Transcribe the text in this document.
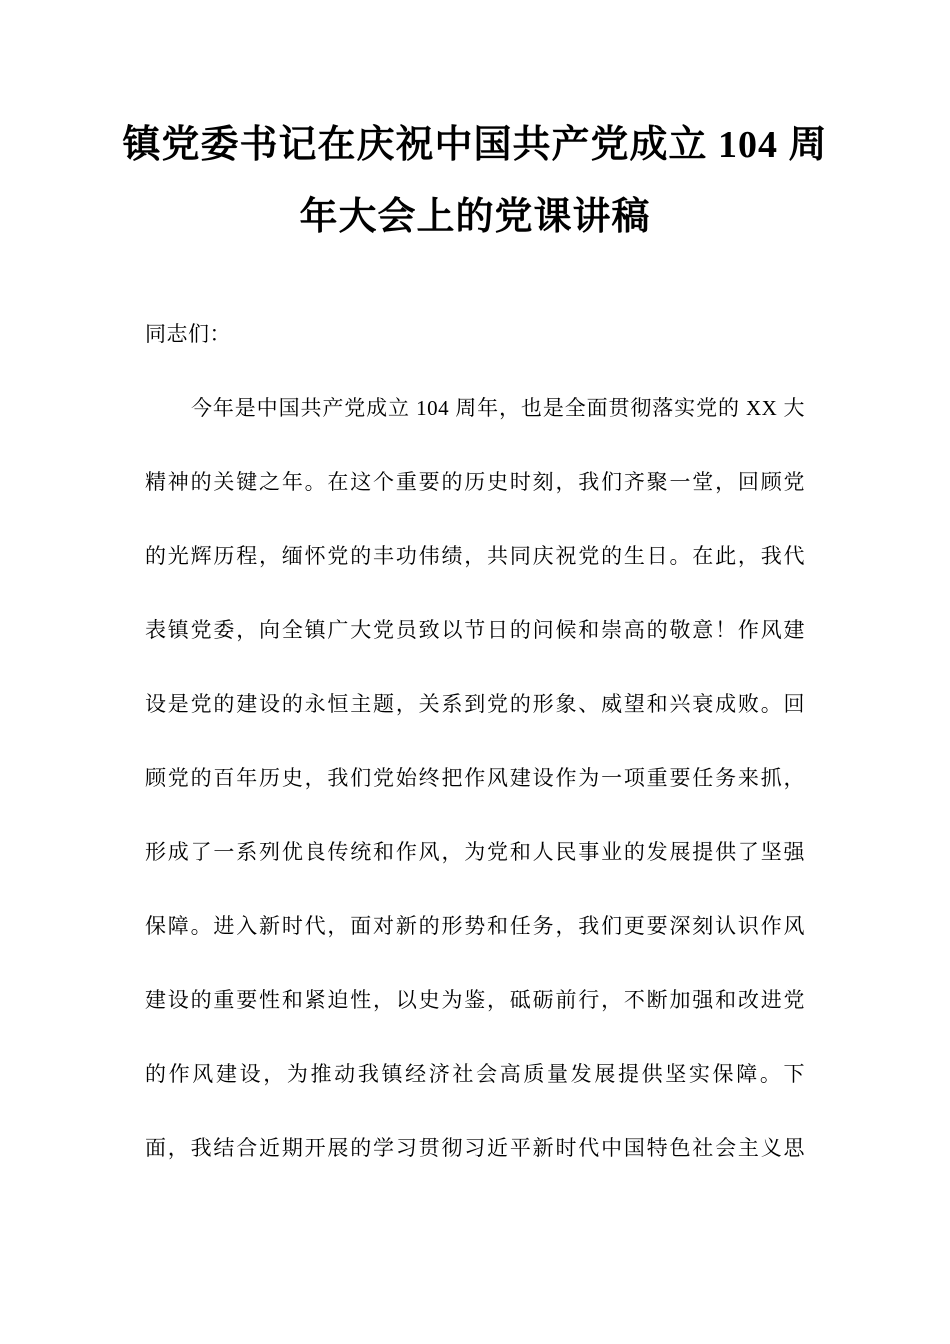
镇党委书记在庆祝中国共产党成立 104 周
年大会上的党课讲稿
同志们：
今年是中国共产党成立 104 周年，也是全面贯彻落实党的 XX 大
精神的关键之年。在这个重要的历史时刻，我们齐聚一堂，回顾党
的光辉历程，缅怀党的丰功伟绩，共同庆祝党的生日。在此，我代
表镇党委，向全镇广大党员致以节日的问候和崇高的敬意！作风建
设是党的建设的永恒主题，关系到党的形象、威望和兴衰成败。回
顾党的百年历史，我们党始终把作风建设作为一项重要任务来抓，
形成了一系列优良传统和作风，为党和人民事业的发展提供了坚强
保障。进入新时代，面对新的形势和任务，我们更要深刻认识作风
建设的重要性和紧迫性，以史为鉴，砥砺前行，不断加强和改进党
的作风建设，为推动我镇经济社会高质量发展提供坚实保障。下
面，我结合近期开展的学习贯彻习近平新时代中国特色社会主义思
